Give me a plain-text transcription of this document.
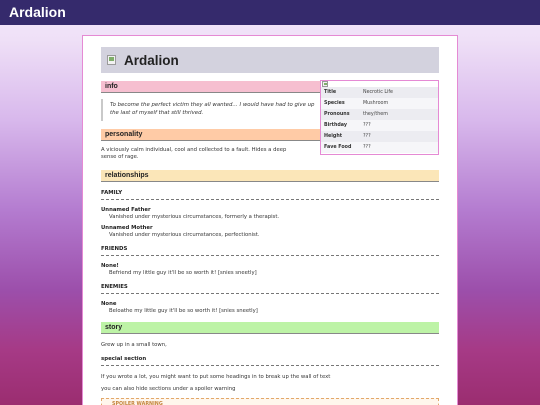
Ardalion
Ardalion
info
To become the perfect victim they all wanted… I would have had to give up the last of myself that still thrived.
Title	Necrotic Life
Species	Mushroom
Pronouns	they/them
Birthday	???
Height	???
Fave Food	???
personality
A viciously calm individual, cool and collected to a fault. Hides a deep
sense of rage.
relationships
FAMILY
Unnamed Father
Vanished under mysterious circumstances, formerly a therapist.
Unnamed Mother
Vanished under mysterious circumstances, perfectionist.
FRIENDS
None!
Befriend my little guy it'll be so worth it! [snies sneetly]
ENEMIES
None
Beloathe my little guy it'll be so worth it! [snies sneetly]
story
Grew up in a small town,
special section
If you wrote a lot, you might want to put some headings in to break up the wall of text
you can also hide sections under a spoiler warning
SPOILER WARNING
